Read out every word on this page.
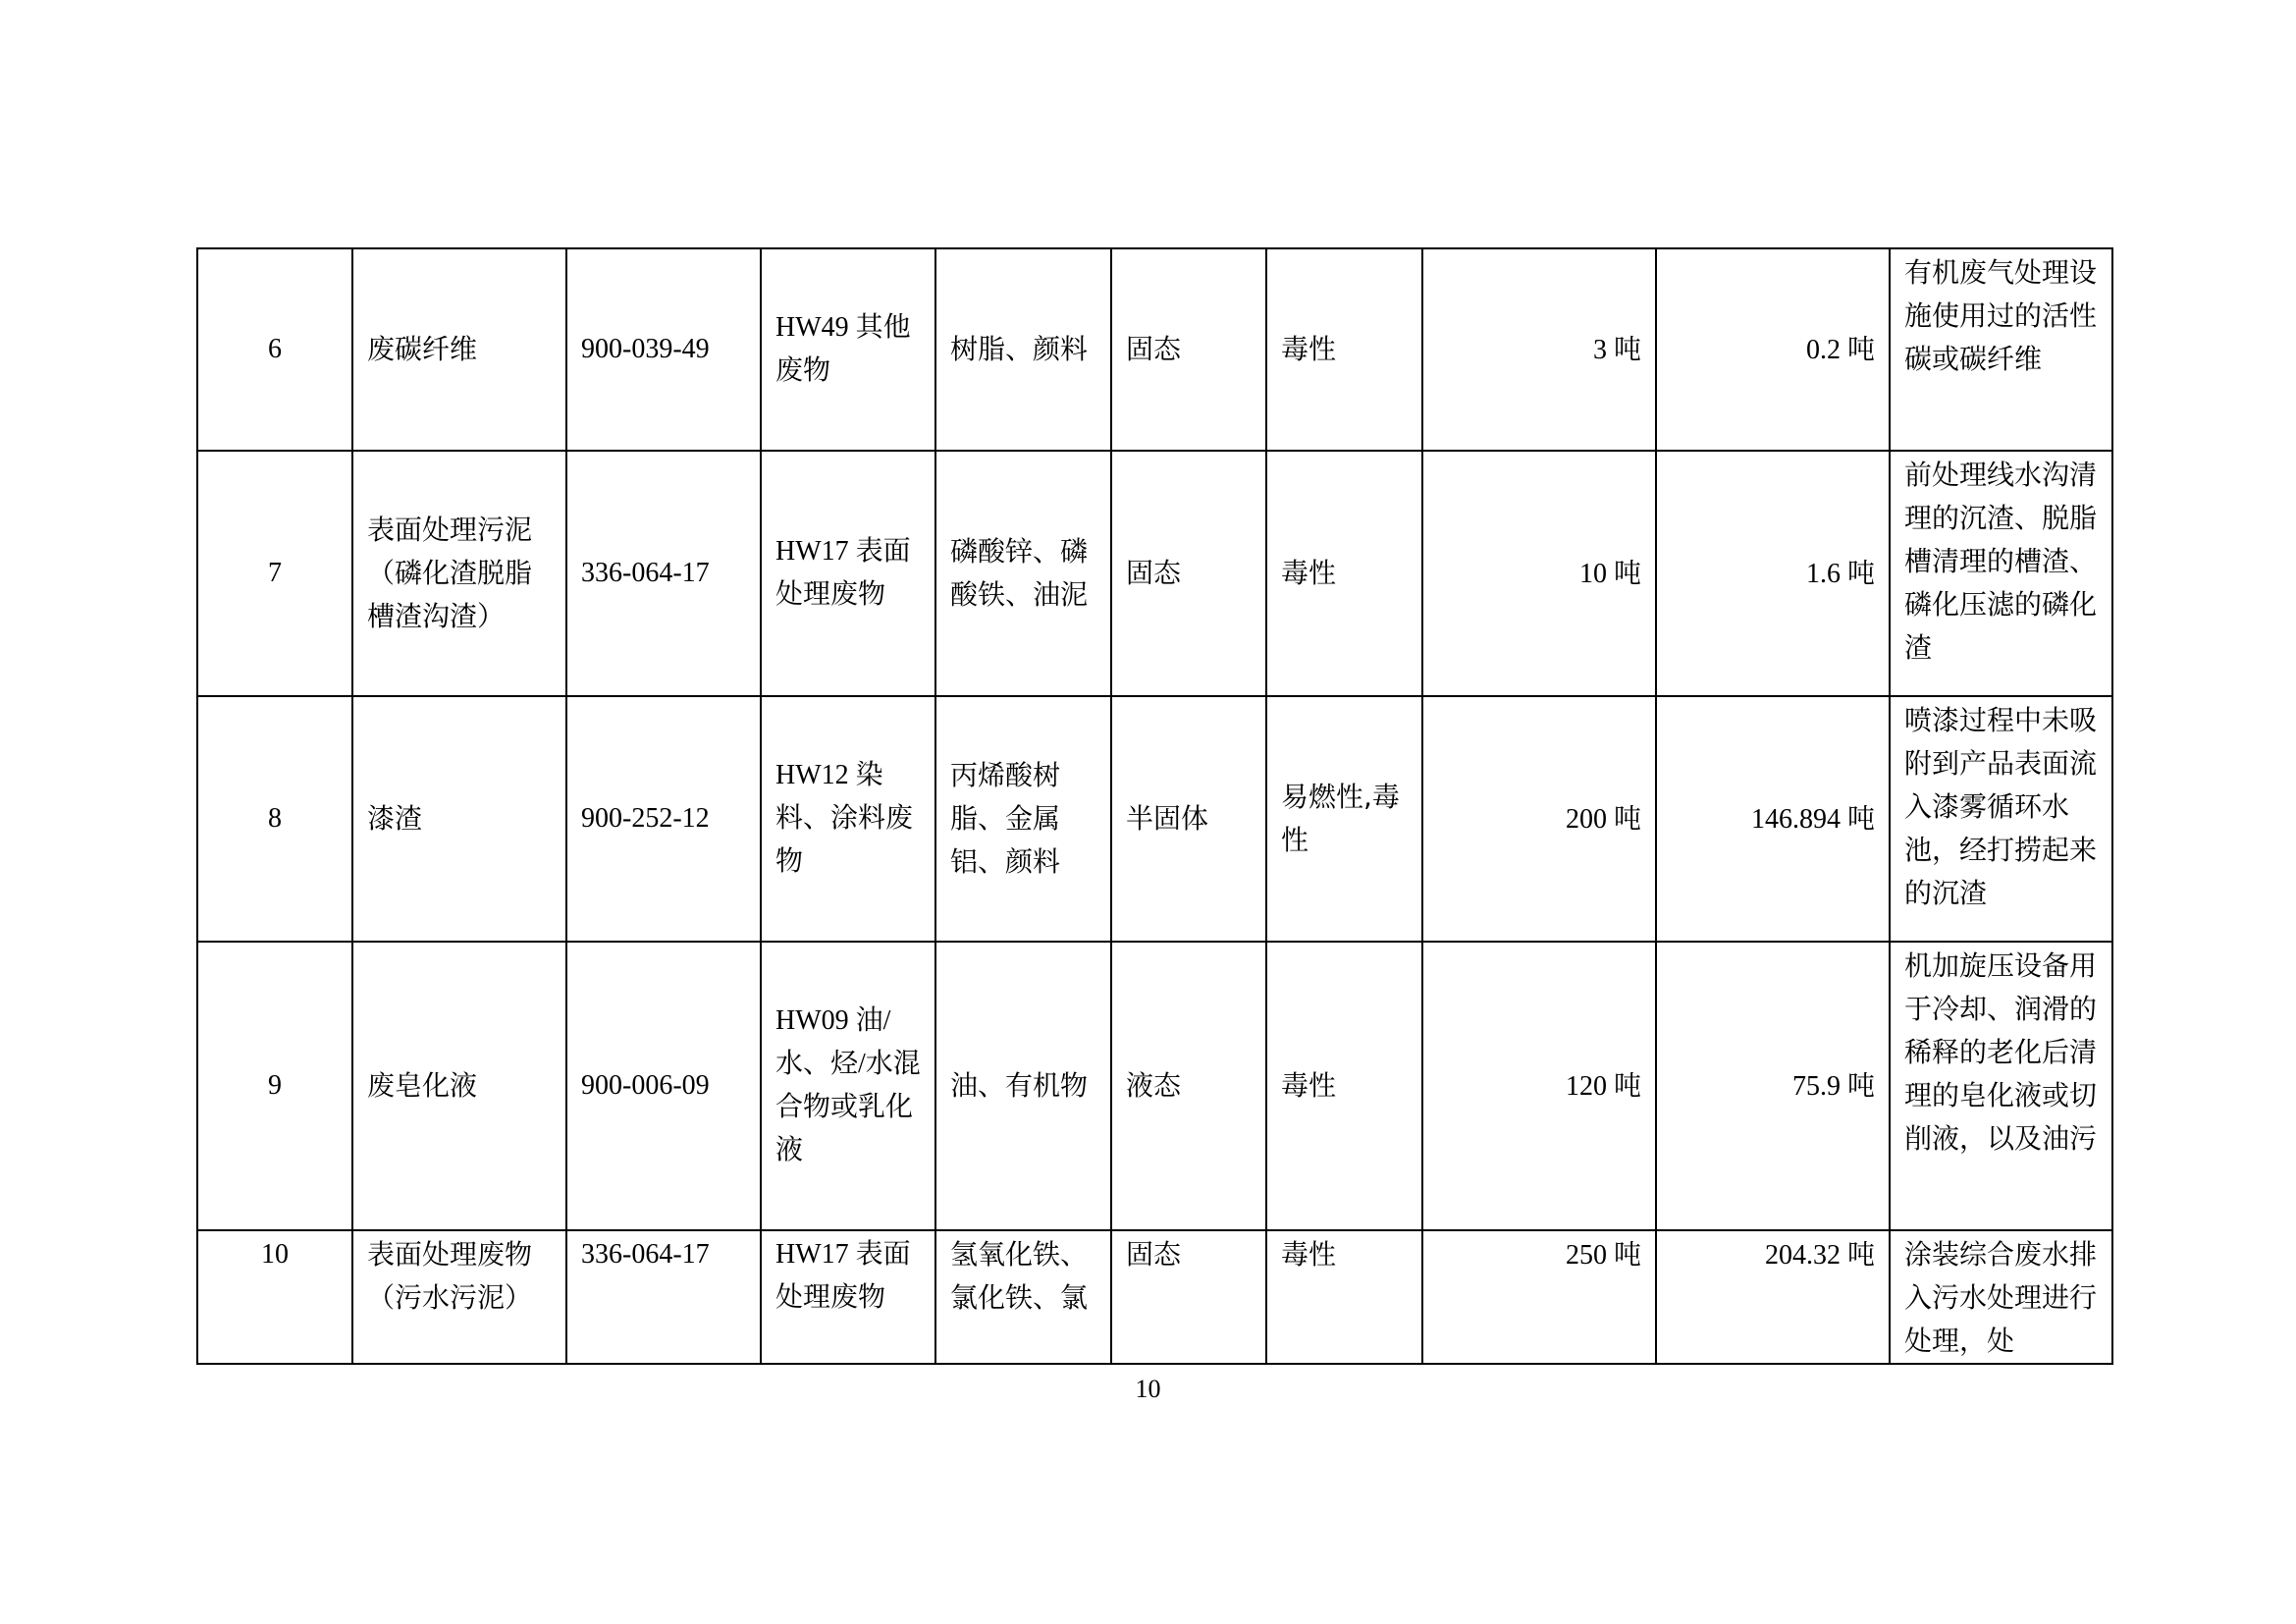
6	废碳纤维	900-039-49	HW49 其他废物	树脂、颜料	固态	毒性	3 吨	0.2 吨	有机废气处理设施使用过的活性碳或碳纤维
7	表面处理污泥（磷化渣脱脂槽渣沟渣）	336-064-17	HW17 表面处理废物	磷酸锌、磷酸铁、油泥	固态	毒性	10 吨	1.6 吨	前处理线水沟清理的沉渣、脱脂槽清理的槽渣、磷化压滤的磷化渣
8	漆渣	900-252-12	HW12 染料、涂料废物	丙烯酸树脂、金属铝、颜料	半固体	易燃性,毒性	200 吨	146.894 吨	喷漆过程中未吸附到产品表面流入漆雾循环水池，经打捞起来的沉渣
9	废皂化液	900-006-09	HW09 油/水、烃/水混合物或乳化液	油、有机物	液态	毒性	120 吨	75.9 吨	机加旋压设备用于冷却、润滑的稀释的老化后清理的皂化液或切削液，以及油污
10	表面处理废物（污水污泥）	336-064-17	HW17 表面处理废物	氢氧化铁、氯化铁、氯	固态	毒性	250 吨	204.32 吨	涂装综合废水排入污水处理进行处理，处
10
